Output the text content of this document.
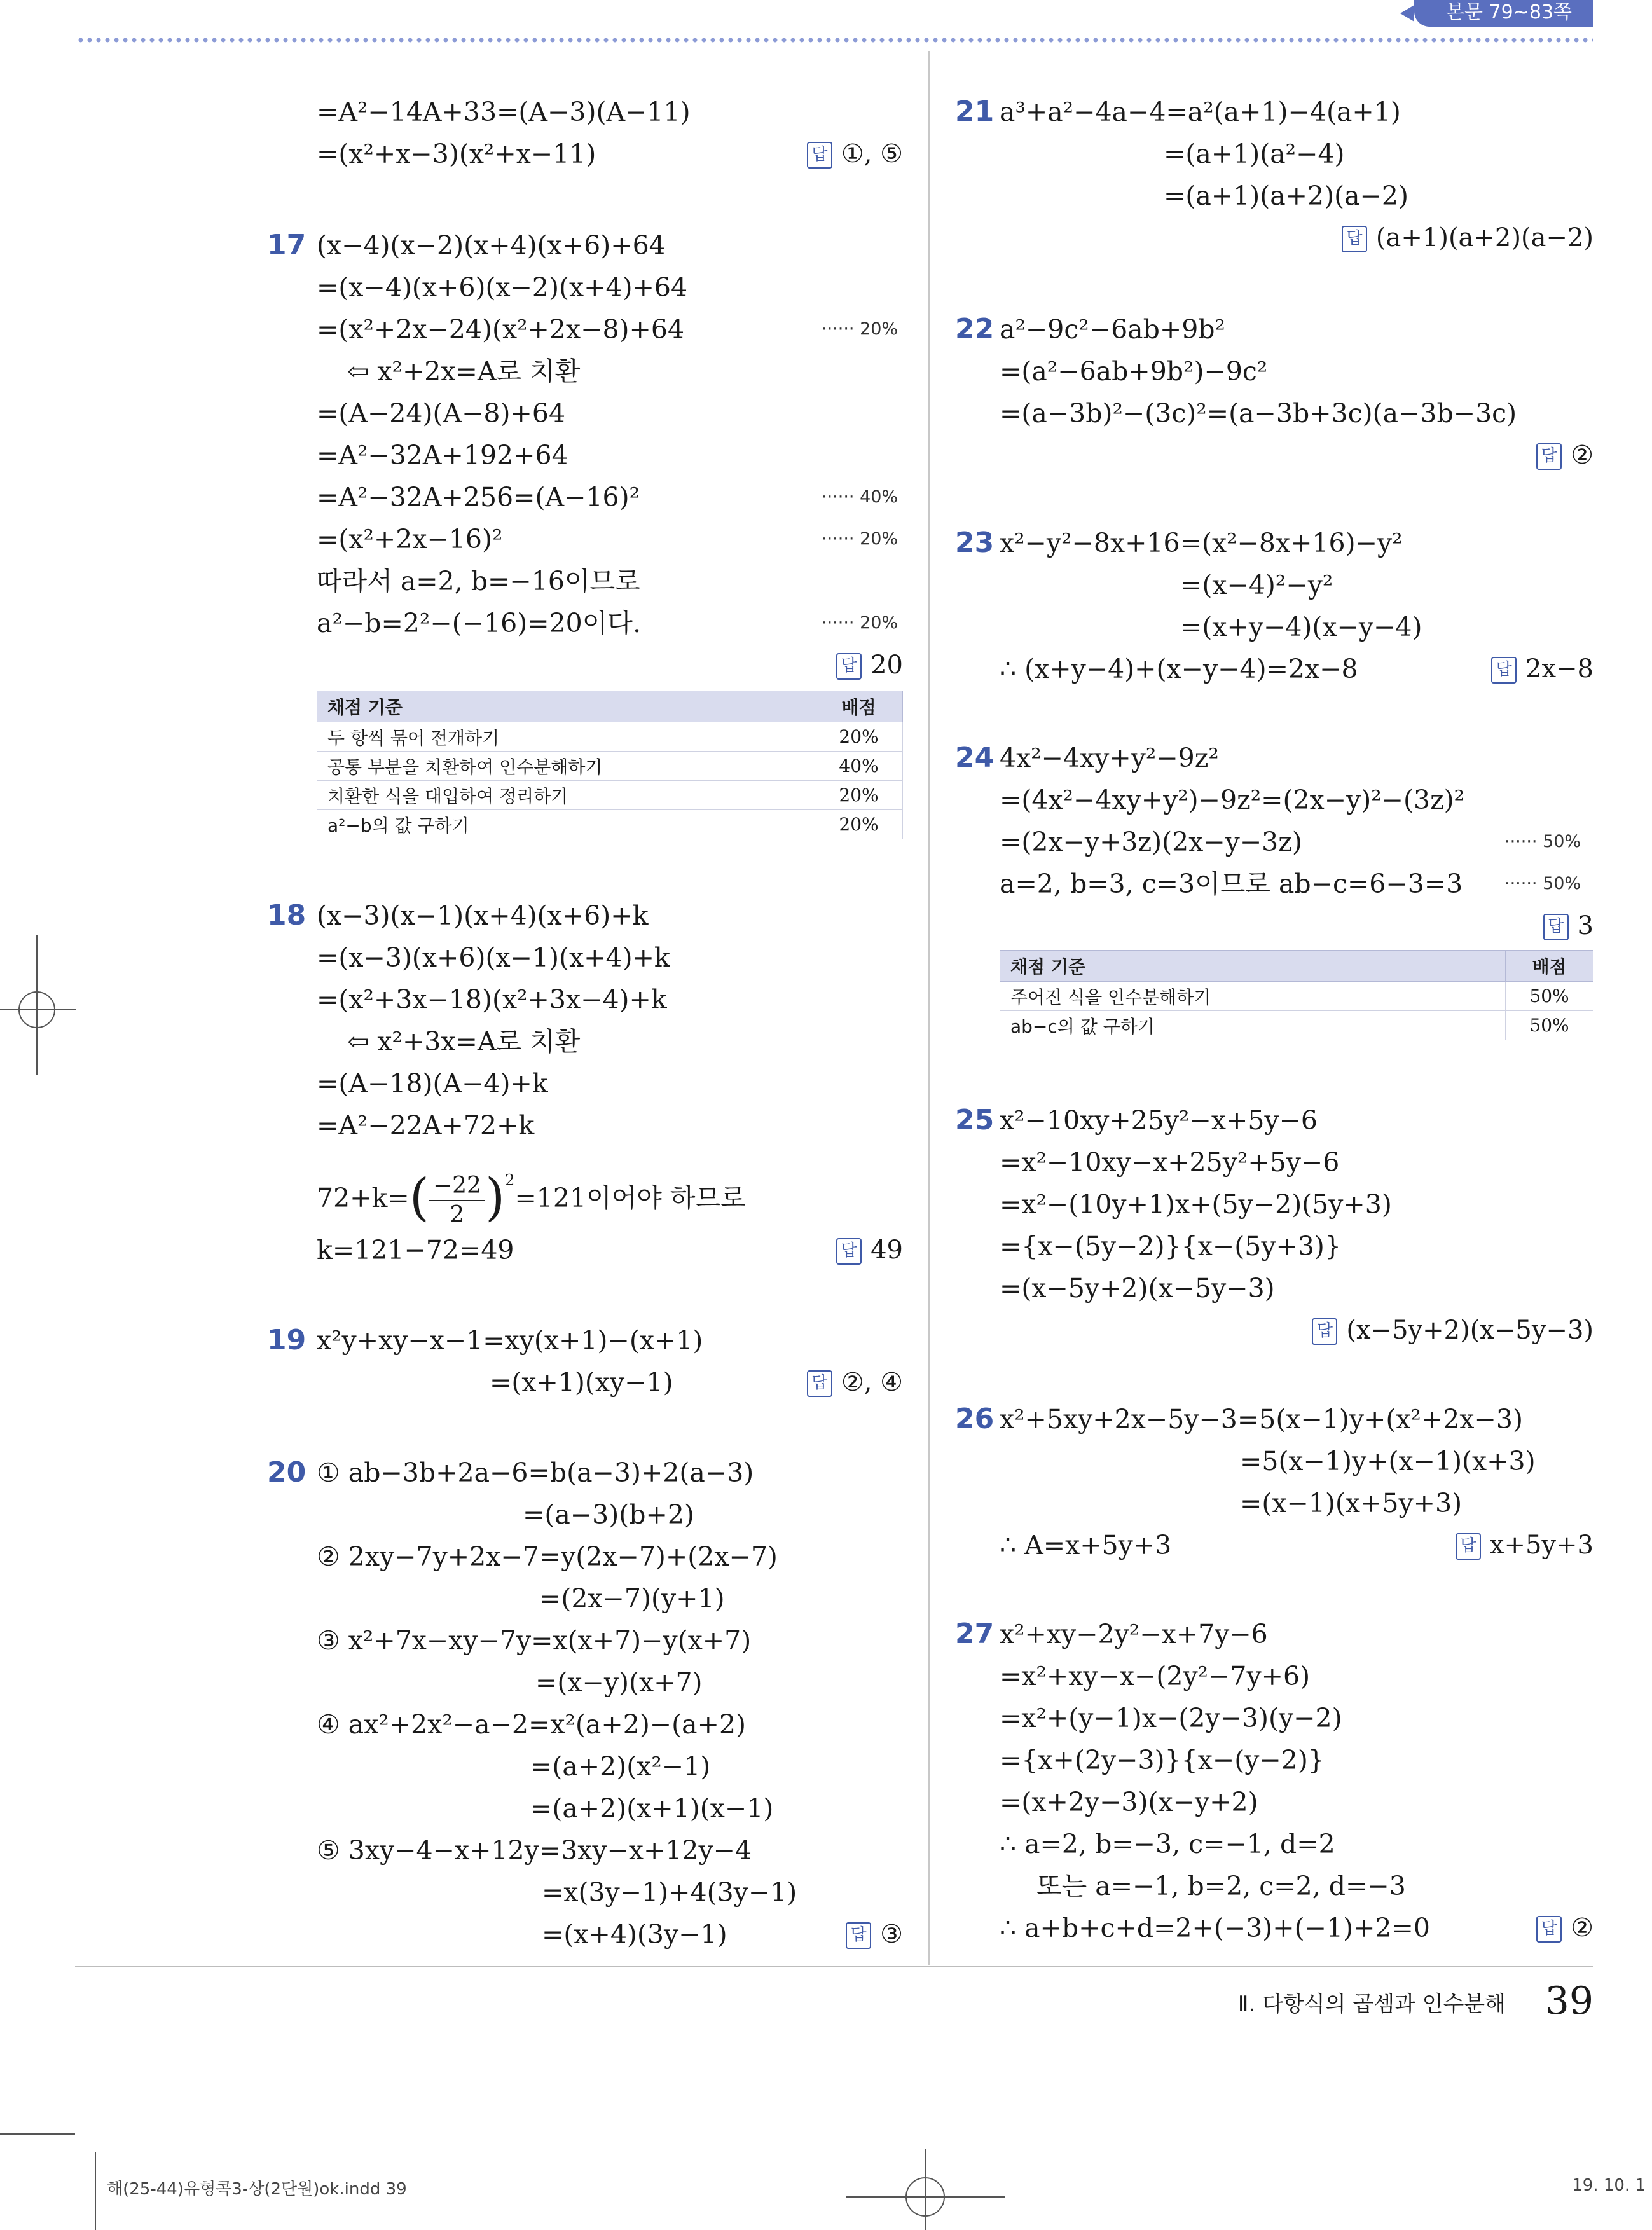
본문 79~83쪽
=A²−14A+33=(A−3)(A−11)
=(x²+x−3)(x²+x−11)	답 ①, ⑤
17 (x−4)(x−2)(x+4)(x+6)+64
=(x−4)(x+6)(x−2)(x+4)+64
=(x²+2x−24)(x²+2x−8)+64	······ 20%
⇦ x²+2x=A로 치환
=(A−24)(A−8)+64
=A²−32A+192+64
=A²−32A+256=(A−16)²	······ 40%
=(x²+2x−16)²	······ 20%
따라서 a=2, b=−16이므로
a²−b=2²−(−16)=20이다.	······ 20%
답 20
채점 기준	배점
두 항씩 묶어 전개하기	20%
공통 부분을 치환하여 인수분해하기	40%
치환한 식을 대입하여 정리하기	20%
a²−b의 값 구하기	20%
18 (x−3)(x−1)(x+4)(x+6)+k
=(x−3)(x+6)(x−1)(x+4)+k
=(x²+3x−18)(x²+3x−4)+k
⇦ x²+3x=A로 치환
=(A−18)(A−4)+k
=A²−22A+72+k
$72+k=( \frac{-22}{2} )^2=121$이어야 하므로
k=121−72=49	답 49
19 x²y+xy−x−1=xy(x+1)−(x+1)
=(x+1)(xy−1)	답 ②, ④
20 ① ab−3b+2a−6=b(a−3)+2(a−3)
=(a−3)(b+2)
② 2xy−7y+2x−7=y(2x−7)+(2x−7)
=(2x−7)(y+1)
③ x²+7x−xy−7y=x(x+7)−y(x+7)
=(x−y)(x+7)
④ ax²+2x²−a−2=x²(a+2)−(a+2)
=(a+2)(x²−1)
=(a+2)(x+1)(x−1)
⑤ 3xy−4−x+12y=3xy−x+12y−4
=x(3y−1)+4(3y−1)
=(x+4)(3y−1)	답 ③
21 a³+a²−4a−4=a²(a+1)−4(a+1)
=(a+1)(a²−4)
=(a+1)(a+2)(a−2)
답 (a+1)(a+2)(a−2)
22 a²−9c²−6ab+9b²
=(a²−6ab+9b²)−9c²
=(a−3b)²−(3c)²=(a−3b+3c)(a−3b−3c)
답 ②
23 x²−y²−8x+16=(x²−8x+16)−y²
=(x−4)²−y²
=(x+y−4)(x−y−4)
∴ (x+y−4)+(x−y−4)=2x−8	답 2x−8
24 4x²−4xy+y²−9z²
=(4x²−4xy+y²)−9z²=(2x−y)²−(3z)²
=(2x−y+3z)(2x−y−3z)	······ 50%
a=2, b=3, c=3이므로 ab−c=6−3=3 ······ 50%
답 3
채점 기준	배점
주어진 식을 인수분해하기	50%
ab−c의 값 구하기	50%
25 x²−10xy+25y²−x+5y−6
=x²−10xy−x+25y²+5y−6
=x²−(10y+1)x+(5y−2)(5y+3)
={x−(5y−2)}{x−(5y+3)}
=(x−5y+2)(x−5y−3)
답 (x−5y+2)(x−5y−3)
26 x²+5xy+2x−5y−3=5(x−1)y+(x²+2x−3)
=5(x−1)y+(x−1)(x+3)
=(x−1)(x+5y+3)
∴ A=x+5y+3	답 x+5y+3
27 x²+xy−2y²−x+7y−6
=x²+xy−x−(2y²−7y+6)
=x²+(y−1)x−(2y−3)(y−2)
={x+(2y−3)}{x−(y−2)}
=(x+2y−3)(x−y+2)
∴ a=2, b=−3, c=−1, d=2
또는 a=−1, b=2, c=2, d=−3
∴ a+b+c+d=2+(−3)+(−1)+2=0	답 ②
Ⅱ. 다항식의 곱셈과 인수분해 39
해(25-44)유형콕3-상(2단원)ok.indd 39	19. 10. 1
